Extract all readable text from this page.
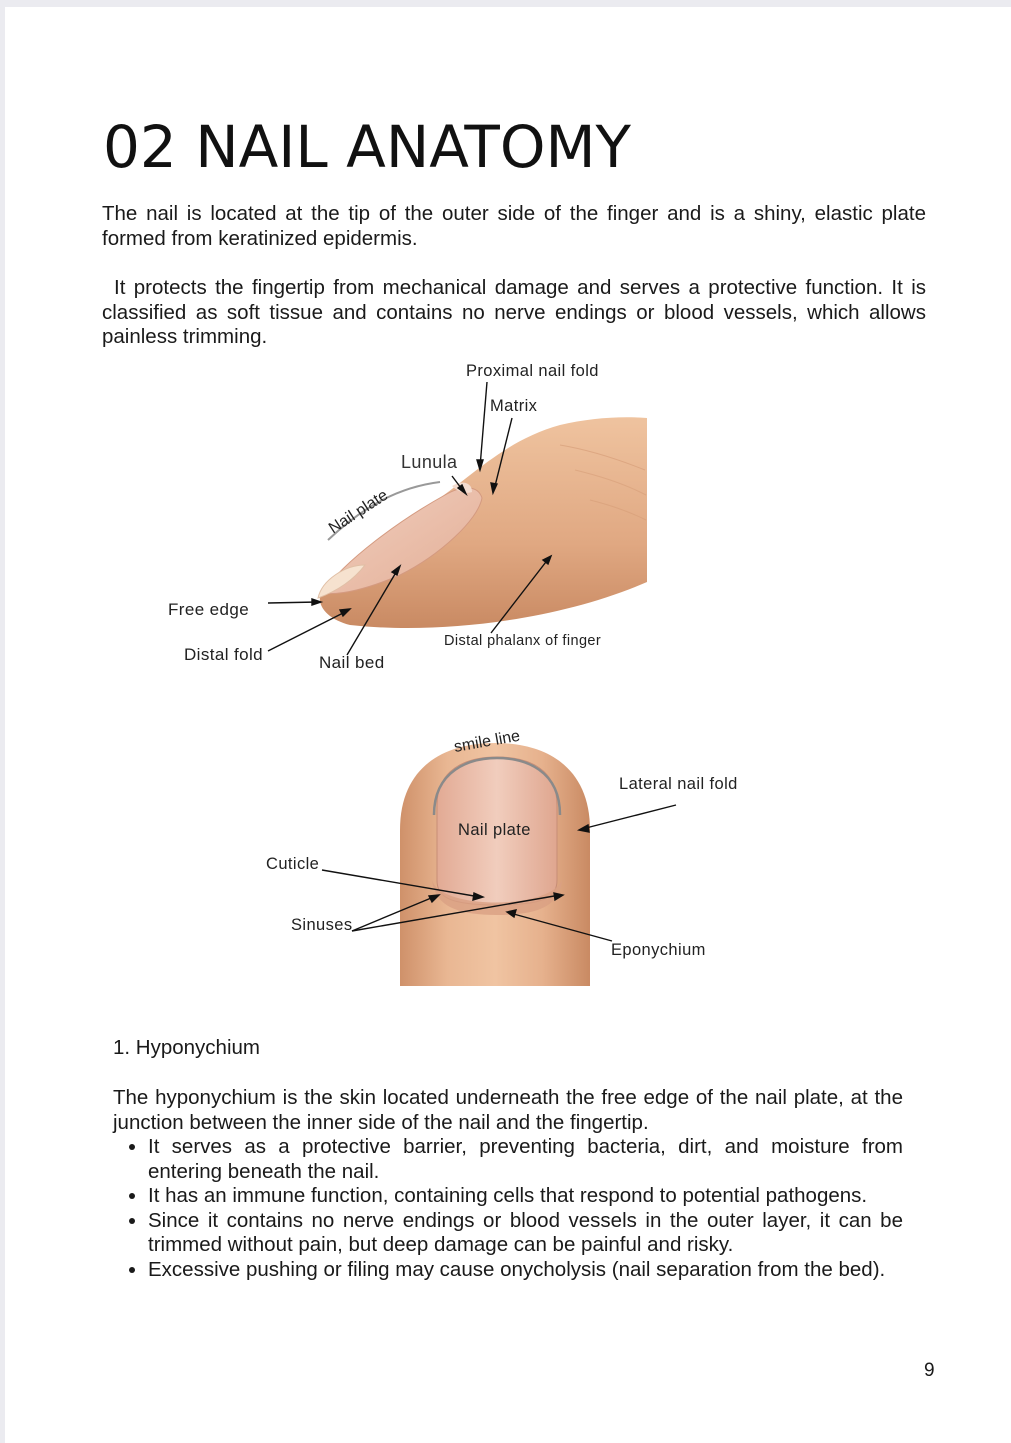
02 NAIL ANATOMY

The nail is located at the tip of the outer side of the finger and is a shiny, elastic plate formed from keratinized epidermis.

It protects the fingertip from mechanical damage and serves a protective function. It is classified as soft tissue and contains no nerve endings or blood vessels, which allows painless trimming.

Nail plate
smile line
Proximal nail fold
Matrix
Lunula
Free edge
Distal fold	Nail bed
Distal phalanx of finger
Lateral nail fold
Nail plate
Cuticle
Sinuses
Eponychium

1. Hyponychium

The hyponychium is the skin located underneath the free edge of the nail plate, at the junction between the inner side of the nail and the fingertip.

• It serves as a protective barrier, preventing bacteria, dirt, and moisture from entering beneath the nail.
• It has an immune function, containing cells that respond to potential pathogens.
• Since it contains no nerve endings or blood vessels in the outer layer, it can be trimmed without pain, but deep damage can be painful and risky.
• Excessive pushing or filing may cause onycholysis (nail separation from the bed).
9
